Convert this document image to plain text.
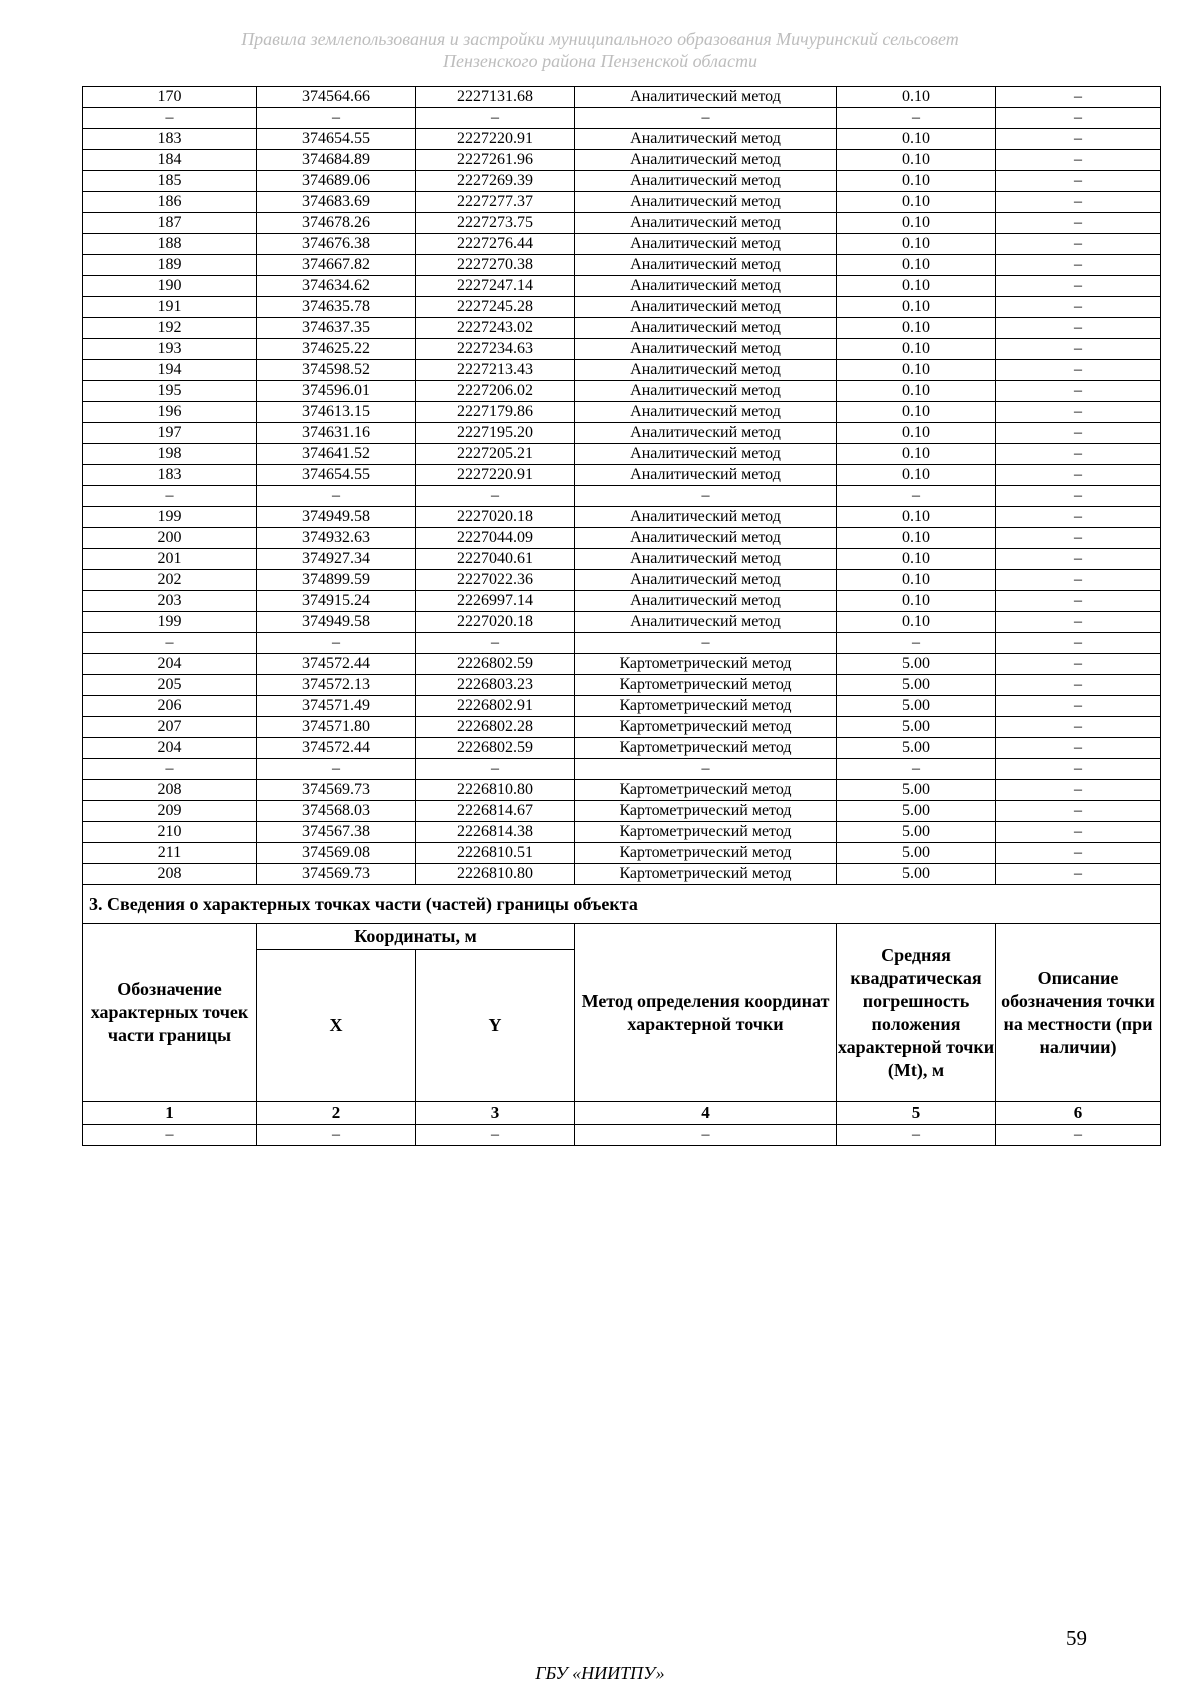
Правила землепользования и застройки муниципального образования Мичуринский сельсовет
Пензенского района Пензенской области
170	374564.66	2227131.68	Аналитический метод	0.10	–
–	–	–	–	–	–
183	374654.55	2227220.91	Аналитический метод	0.10	–
184	374684.89	2227261.96	Аналитический метод	0.10	–
185	374689.06	2227269.39	Аналитический метод	0.10	–
186	374683.69	2227277.37	Аналитический метод	0.10	–
187	374678.26	2227273.75	Аналитический метод	0.10	–
188	374676.38	2227276.44	Аналитический метод	0.10	–
189	374667.82	2227270.38	Аналитический метод	0.10	–
190	374634.62	2227247.14	Аналитический метод	0.10	–
191	374635.78	2227245.28	Аналитический метод	0.10	–
192	374637.35	2227243.02	Аналитический метод	0.10	–
193	374625.22	2227234.63	Аналитический метод	0.10	–
194	374598.52	2227213.43	Аналитический метод	0.10	–
195	374596.01	2227206.02	Аналитический метод	0.10	–
196	374613.15	2227179.86	Аналитический метод	0.10	–
197	374631.16	2227195.20	Аналитический метод	0.10	–
198	374641.52	2227205.21	Аналитический метод	0.10	–
183	374654.55	2227220.91	Аналитический метод	0.10	–
–	–	–	–	–	–
199	374949.58	2227020.18	Аналитический метод	0.10	–
200	374932.63	2227044.09	Аналитический метод	0.10	–
201	374927.34	2227040.61	Аналитический метод	0.10	–
202	374899.59	2227022.36	Аналитический метод	0.10	–
203	374915.24	2226997.14	Аналитический метод	0.10	–
199	374949.58	2227020.18	Аналитический метод	0.10	–
–	–	–	–	–	–
204	374572.44	2226802.59	Картометрический метод	5.00	–
205	374572.13	2226803.23	Картометрический метод	5.00	–
206	374571.49	2226802.91	Картометрический метод	5.00	–
207	374571.80	2226802.28	Картометрический метод	5.00	–
204	374572.44	2226802.59	Картометрический метод	5.00	–
–	–	–	–	–	–
208	374569.73	2226810.80	Картометрический метод	5.00	–
209	374568.03	2226814.67	Картометрический метод	5.00	–
210	374567.38	2226814.38	Картометрический метод	5.00	–
211	374569.08	2226810.51	Картометрический метод	5.00	–
208	374569.73	2226810.80	Картометрический метод	5.00	–
3. Сведения о характерных точках части (частей) границы объекта					
Обозначение характерных точек части границы	Координаты, м		Метод определения координат характерной точки	Средняя квадратическая погрешность положения характерной точки (Мt), м	Описание обозначения точки на местности (при наличии)
	X	Y			
1	2	3	4	5	6
–	–	–	–	–	–
59
ГБУ «НИИТПУ»
